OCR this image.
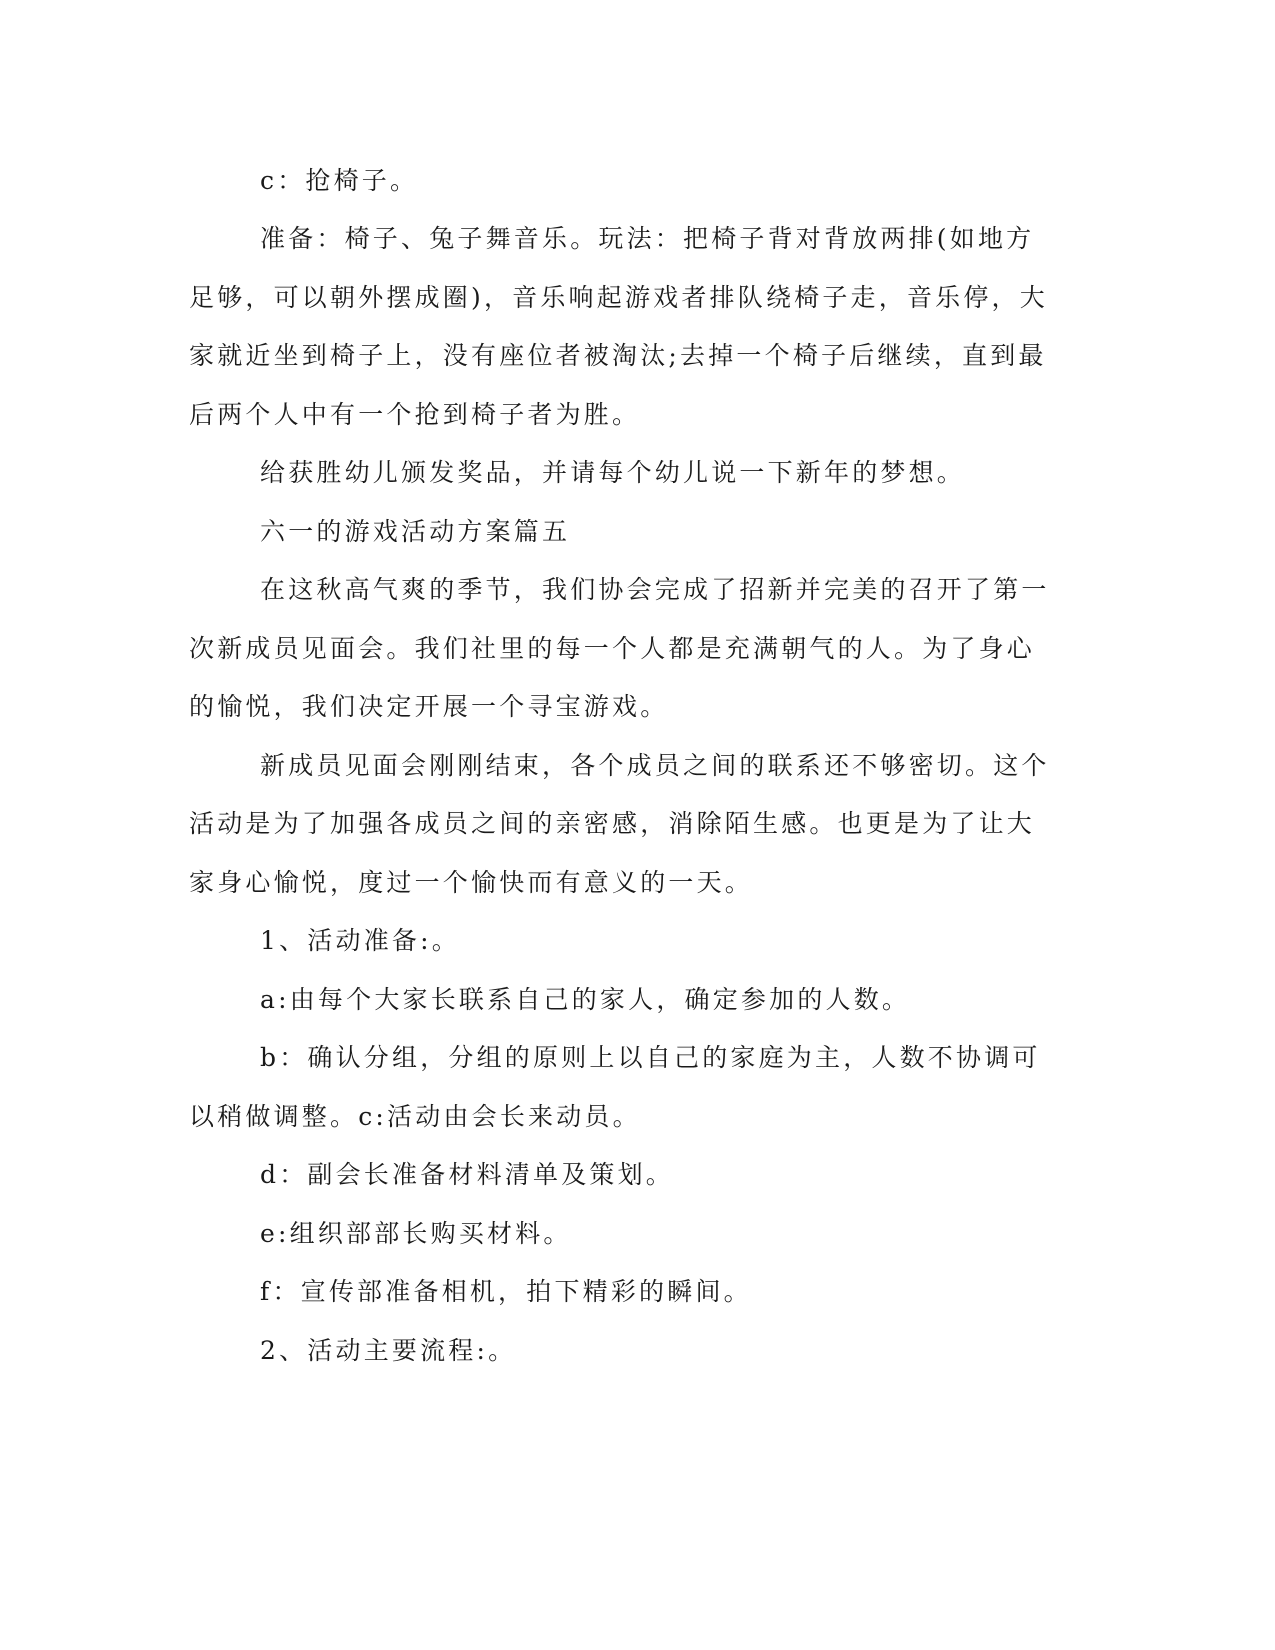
c：抢椅子。

准备：椅子、兔子舞音乐。玩法：把椅子背对背放两排(如地方

足够，可以朝外摆成圈)，音乐响起游戏者排队绕椅子走，音乐停，大

家就近坐到椅子上，没有座位者被淘汰;去掉一个椅子后继续，直到最

后两个人中有一个抢到椅子者为胜。

给获胜幼儿颁发奖品，并请每个幼儿说一下新年的梦想。

六一的游戏活动方案篇五

在这秋高气爽的季节，我们协会完成了招新并完美的召开了第一

次新成员见面会。我们社里的每一个人都是充满朝气的人。为了身心

的愉悦，我们决定开展一个寻宝游戏。

新成员见面会刚刚结束，各个成员之间的联系还不够密切。这个

活动是为了加强各成员之间的亲密感，消除陌生感。也更是为了让大

家身心愉悦，度过一个愉快而有意义的一天。

1、活动准备:。

a:由每个大家长联系自己的家人，确定参加的人数。

b：确认分组，分组的原则上以自己的家庭为主，人数不协调可

以稍做调整。c:活动由会长来动员。

d：副会长准备材料清单及策划。

e:组织部部长购买材料。

f：宣传部准备相机，拍下精彩的瞬间。

2、活动主要流程:。
